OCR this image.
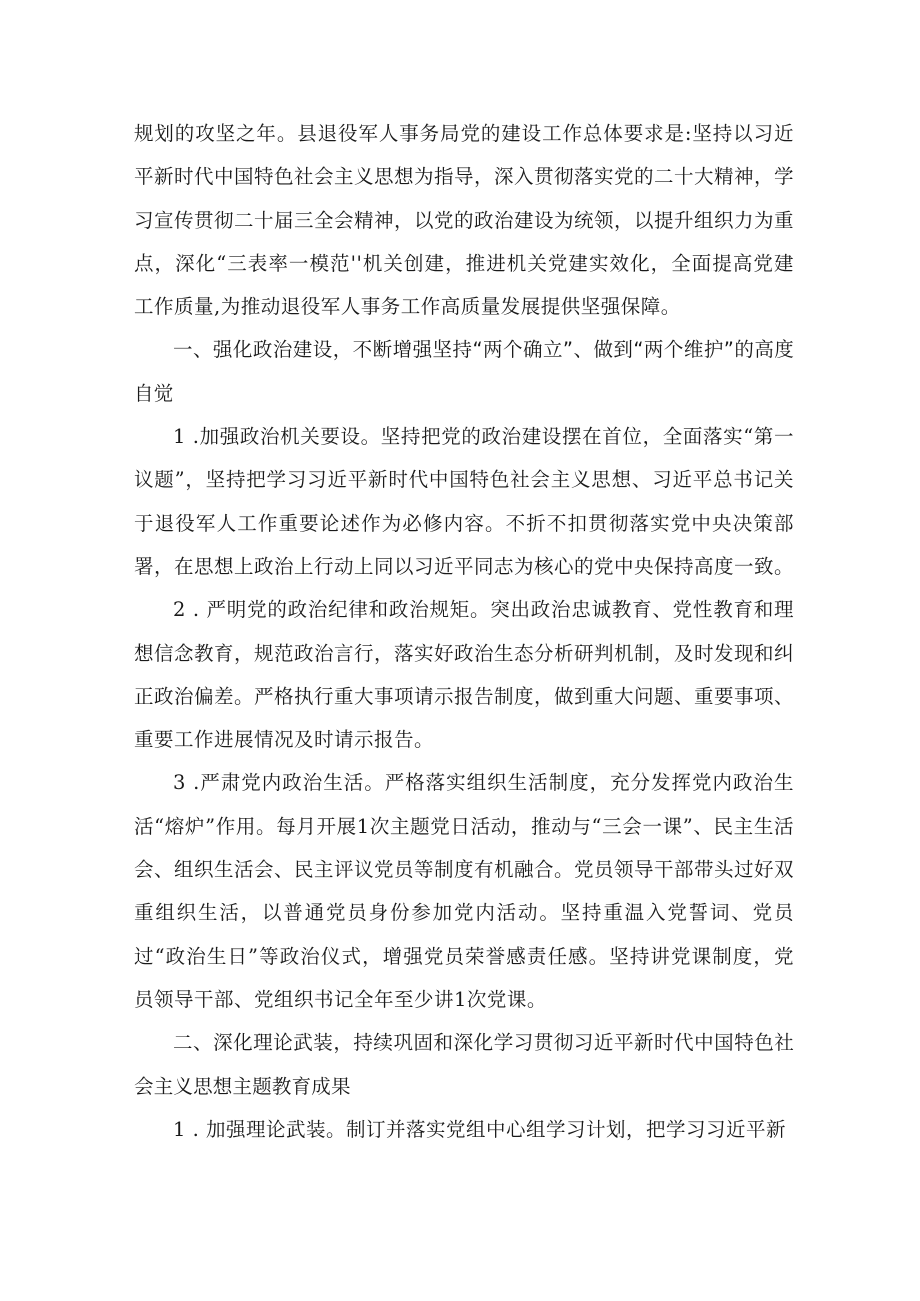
规划的攻坚之年。县退役军人事务局党的建设工作总体要求是:坚持以习近平新时代中国特色社会主义思想为指导，深入贯彻落实党的二十大精神，学习宣传贯彻二十届三全会精神，以党的政治建设为统领，以提升组织力为重点，深化“三表率一模范''机关创建，推进机关党建实效化，全面提高党建工作质量,为推动退役军人事务工作高质量发展提供坚强保障。

一、强化政治建设，不断增强坚持“两个确立”、做到“两个维护”的高度自觉

1 .加强政治机关要设。坚持把党的政治建设摆在首位，全面落实“第一议题”，坚持把学习习近平新时代中国特色社会主义思想、习近平总书记关于退役军人工作重要论述作为必修内容。不折不扣贯彻落实党中央决策部署，在思想上政治上行动上同以习近平同志为核心的党中央保持高度一致。

2 . 严明党的政治纪律和政治规矩。突出政治忠诚教育、党性教育和理想信念教育，规范政治言行，落实好政治生态分析研判机制，及时发现和纠正政治偏差。严格执行重大事项请示报告制度，做到重大问题、重要事项、重要工作进展情况及时请示报告。

3 .严肃党内政治生活。严格落实组织生活制度，充分发挥党内政治生活“熔炉”作用。每月开展1次主题党日活动，推动与“三会一课”、民主生活会、组织生活会、民主评议党员等制度有机融合。党员领导干部带头过好双重组织生活，以普通党员身份参加党内活动。坚持重温入党誓词、党员过“政治生日”等政治仪式，增强党员荣誉感责任感。坚持讲党课制度，党员领导干部、党组织书记全年至少讲1次党课。

二、深化理论武装，持续巩固和深化学习贯彻习近平新时代中国特色社会主义思想主题教育成果

1 . 加强理论武装。制订并落实党组中心组学习计划，把学习习近平新
